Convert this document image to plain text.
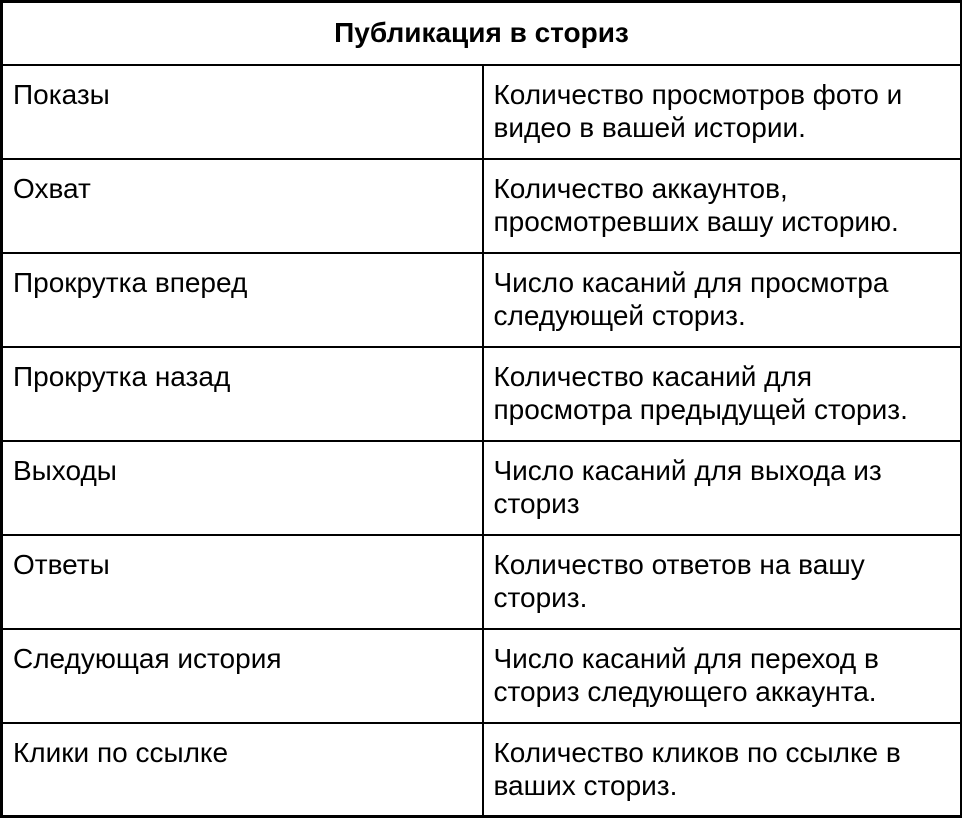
Публикация в сториз	
Показы	Количество просмотров фото и видео в вашей истории.
Охват	Количество аккаунтов, просмотревших вашу историю.
Прокрутка вперед	Число касаний для просмотра следующей сториз.
Прокрутка назад	Количество касаний для просмотра предыдущей сториз.
Выходы	Число касаний для выхода из сториз
Ответы	Количество ответов на вашу сториз.
Следующая история	Число касаний для переход в сториз следующего аккаунта.
Клики по ссылке	Количество кликов по ссылке в ваших сториз.
